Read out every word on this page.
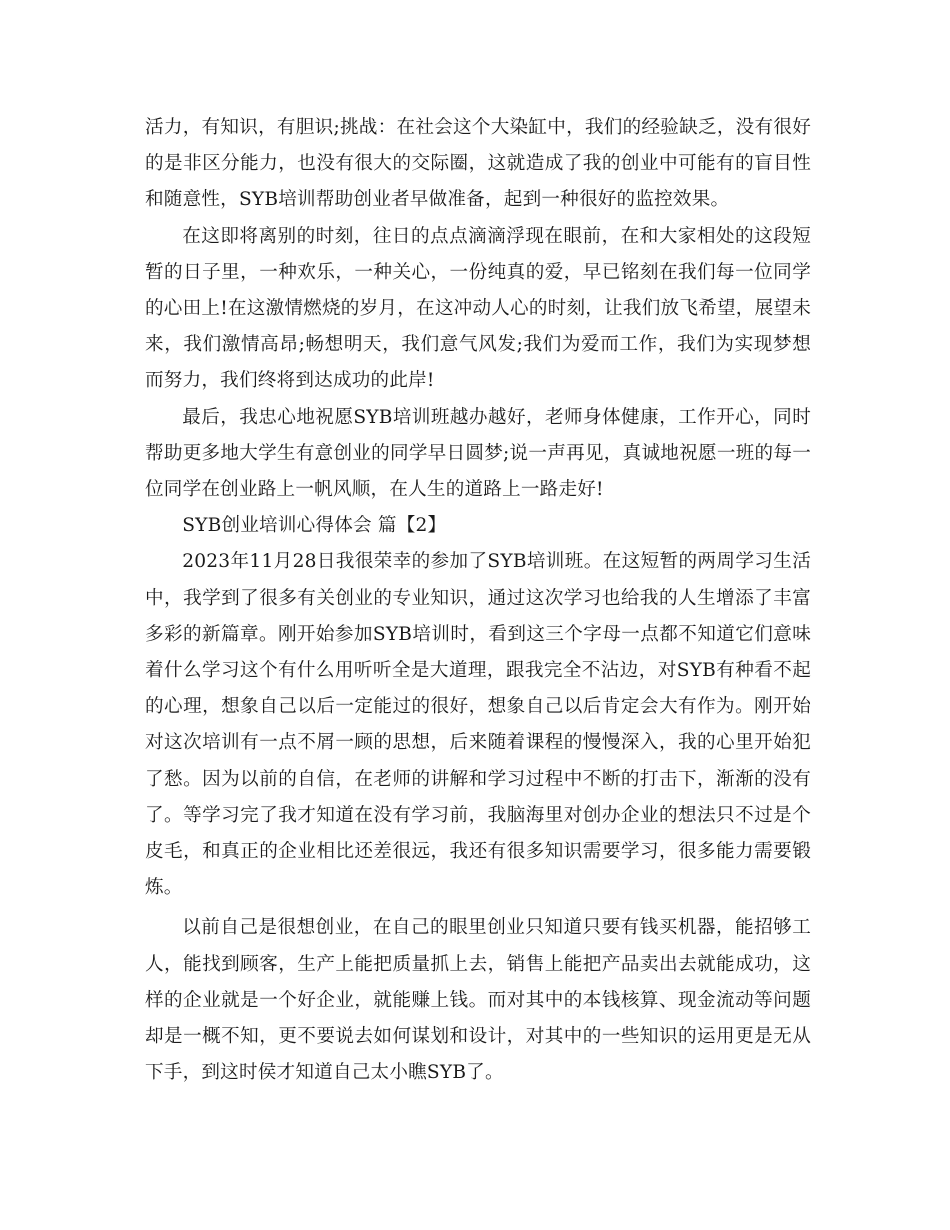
活力，有知识，有胆识;挑战：在社会这个大染缸中，我们的经验缺乏，没有很好的是非区分能力，也没有很大的交际圈，这就造成了我的创业中可能有的盲目性和随意性，SYB培训帮助创业者早做准备，起到一种很好的监控效果。

在这即将离别的时刻，往日的点点滴滴浮现在眼前，在和大家相处的这段短暂的日子里，一种欢乐，一种关心，一份纯真的爱，早已铭刻在我们每一位同学的心田上!在这激情燃烧的岁月，在这冲动人心的时刻，让我们放飞希望，展望未来，我们激情高昂;畅想明天，我们意气风发;我们为爱而工作，我们为实现梦想而努力，我们终将到达成功的此岸!

最后，我忠心地祝愿SYB培训班越办越好，老师身体健康，工作开心，同时帮助更多地大学生有意创业的同学早日圆梦;说一声再见，真诚地祝愿一班的每一位同学在创业路上一帆风顺，在人生的道路上一路走好!

SYB创业培训心得体会 篇【2】

2023年11月28日我很荣幸的参加了SYB培训班。在这短暂的两周学习生活中，我学到了很多有关创业的专业知识，通过这次学习也给我的人生增添了丰富多彩的新篇章。刚开始参加SYB培训时，看到这三个字母一点都不知道它们意味着什么学习这个有什么用听听全是大道理，跟我完全不沾边，对SYB有种看不起的心理，想象自己以后一定能过的很好，想象自己以后肯定会大有作为。刚开始对这次培训有一点不屑一顾的思想，后来随着课程的慢慢深入，我的心里开始犯了愁。因为以前的自信，在老师的讲解和学习过程中不断的打击下，渐渐的没有了。等学习完了我才知道在没有学习前，我脑海里对创办企业的想法只不过是个皮毛，和真正的企业相比还差很远，我还有很多知识需要学习，很多能力需要锻炼。

以前自己是很想创业，在自己的眼里创业只知道只要有钱买机器，能招够工人，能找到顾客，生产上能把质量抓上去，销售上能把产品卖出去就能成功，这样的企业就是一个好企业，就能赚上钱。而对其中的本钱核算、现金流动等问题却是一概不知，更不要说去如何谋划和设计，对其中的一些知识的运用更是无从下手，到这时侯才知道自己太小瞧SYB了。
